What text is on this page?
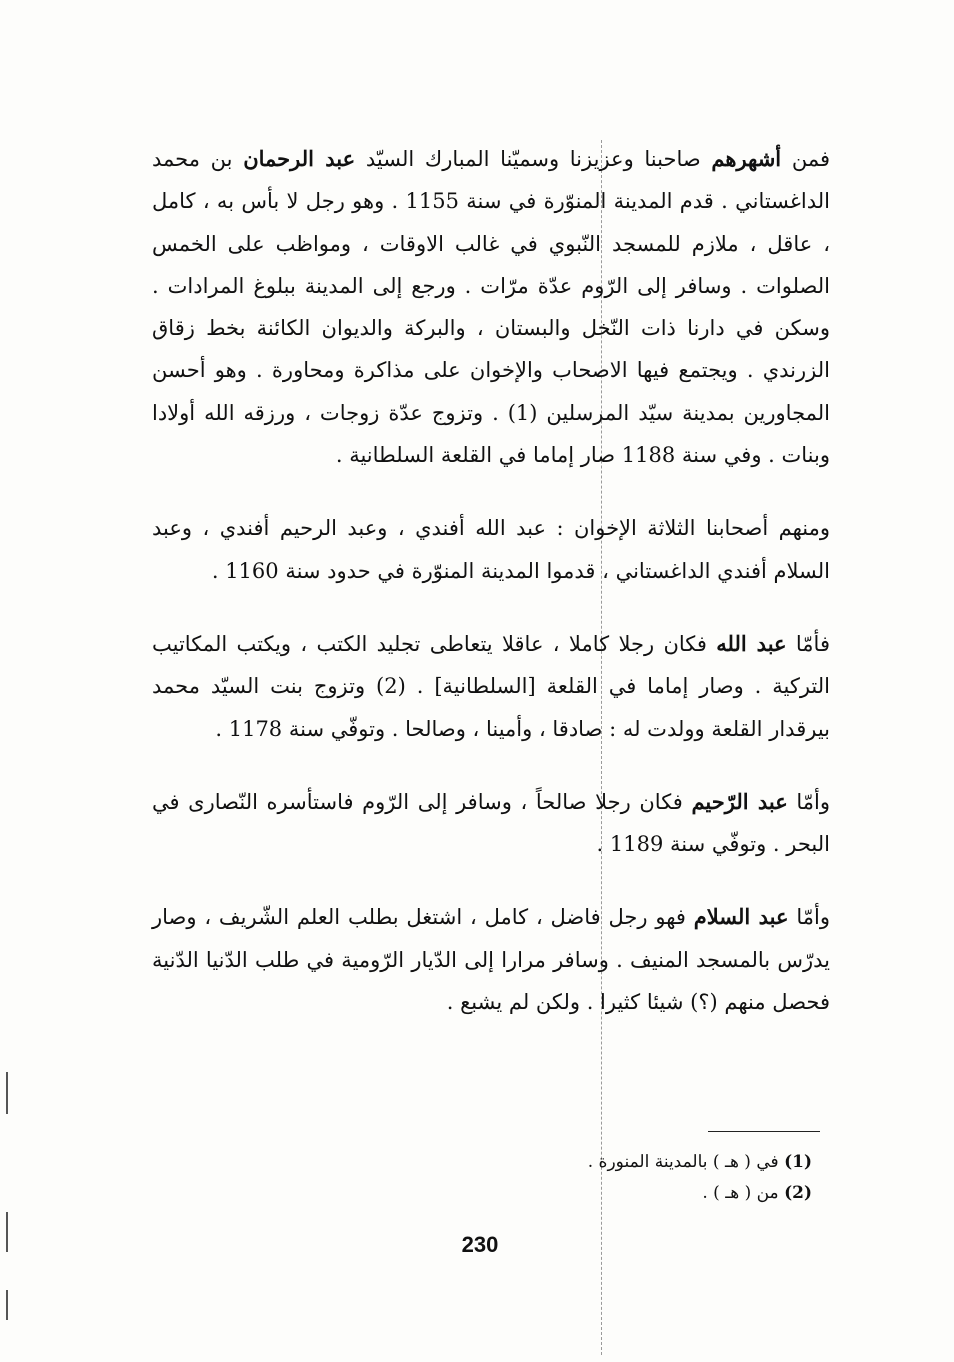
فمن أشهرهم صاحبنا وعزيزنا وسميّنا المبارك السيّد عبد الرحمان بن محمد الداغستاني . قدم المدينة المنوّرة في سنة 1155 . وهو رجل لا بأس به ، كامل ، عاقل ، ملازم للمسجد النّبوي في غالب الاوقات ، ومواظب على الخمس الصلوات . وسافر إلى الرّوم عدّة مرّات . ورجع إلى المدينة ببلوغ المرادات . وسكن في دارنا ذات النّخل والبستان ، والبركة والديوان الكائنة بخط زقاق الزرندي . ويجتمع فيها الاصحاب والإخوان على مذاكرة ومحاورة . وهو أحسن المجاورين بمدينة سيّد المرسلين (1) . وتزوج عدّة زوجات ، ورزقه الله أولادا وبنات . وفي سنة 1188 صار إماما في القلعة السلطانية .

ومنهم أصحابنا الثلاثة الإخوان : عبد الله أفندي ، وعبد الرحيم أفندي ، وعبد السلام أفندي الداغستاني ، قدموا المدينة المنوّرة في حدود سنة 1160 .

فأمّا عبد الله فكان رجلا كاملا ، عاقلا يتعاطى تجليد الكتب ، ويكتب المكاتيب التركية . وصار إماما في القلعة [السلطانية] . (2) وتزوج بنت السيّد محمد بيرقدار القلعة وولدت له : صادقا ، وأمينا ، وصالحا . وتوفّي سنة 1178 .

وأمّا عبد الرّحيم فكان رجلا صالحاً ، وسافر إلى الرّوم فاستأسره النّصارى في البحر . وتوفّي سنة 1189 .

وأمّا عبد السلام فهو رجل فاضل ، كامل ، اشتغل بطلب العلم الشّريف ، وصار يدرّس بالمسجد المنيف . وسافر مرارا إلى الدّيار الرّومية في طلب الدّنيا الدّنية فحصل منهم (؟) شيئا كثيرا . ولكن لم يشبع .

(1) في ( هـ ) بالمدينة المنورة .
(2) من ( هـ ) .
230
